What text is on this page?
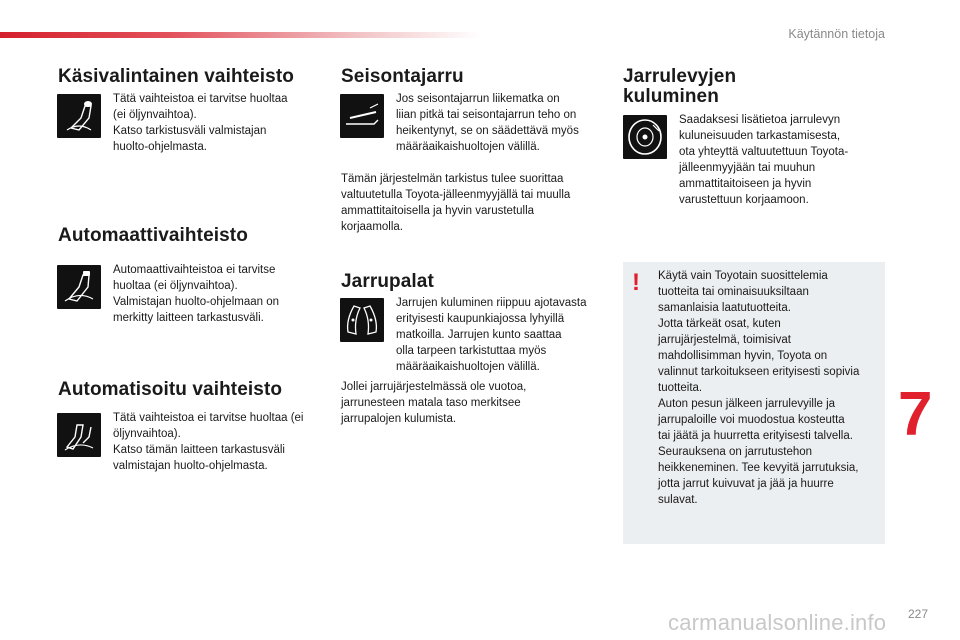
Käytännön tietoja
Käsivalintainen vaihteisto

Tätä vaihteistoa ei tarvitse huoltaa
(ei öljynvaihtoa).
Katso tarkistusväli valmistajan
huolto-ohjelmasta.

Automaattivaihteisto

Automaattivaihteistoa ei tarvitse
huoltaa (ei öljynvaihtoa).
Valmistajan huolto-ohjelmaan on
merkitty laitteen tarkastusväli.

Automatisoitu vaihteisto

Tätä vaihteistoa ei tarvitse huoltaa (ei
öljynvaihtoa).
Katso tämän laitteen tarkastusväli
valmistajan huolto-ohjelmasta.

Seisontajarru

Jos seisontajarrun liikematka on
liian pitkä tai seisontajarrun teho on
heikentynyt, se on säädettävä myös
määräaikaishuoltojen välillä.

Tämän järjestelmän tarkistus tulee suorittaa
valtuutetulla Toyota-jälleenmyyjällä tai muulla
ammattitaitoisella ja hyvin varustetulla
korjaamolla.

Jarrupalat

Jarrujen kuluminen riippuu ajotavasta
erityisesti kaupunkiajossa lyhyillä
matkoilla. Jarrujen kunto saattaa
olla tarpeen tarkistuttaa myös
määräaikaishuoltojen välillä.

Jollei jarrujärjestelmässä ole vuotoa,
jarrunesteen matala taso merkitsee
jarrupalojen kulumista.

Jarrulevyjen
kuluminen

Saadaksesi lisätietoa jarrulevyn
kuluneisuuden tarkastamisesta,
ota yhteyttä valtuutettuun Toyota-
jälleenmyyjään tai muuhun
ammattitaitoiseen ja hyvin
varustettuun korjaamoon.

! Käytä vain Toyotain suosittelemia
tuotteita tai ominaisuuksiltaan
samanlaisia laatutuotteita.
Jotta tärkeät osat, kuten
jarrujärjestelmä, toimisivat
mahdollisimman hyvin, Toyota on
valinnut tarkoitukseen erityisesti sopivia
tuotteita.
Auton pesun jälkeen jarrulevyille ja
jarrupaloille voi muodostua kosteutta
tai jäätä ja huurretta erityisesti talvella.
Seurauksena on jarrutustehon
heikkeneminen. Tee kevyitä jarrutuksia,
jotta jarrut kuivuvat ja jää ja huurre
sulavat.

7
227
carmanualsonline.info
